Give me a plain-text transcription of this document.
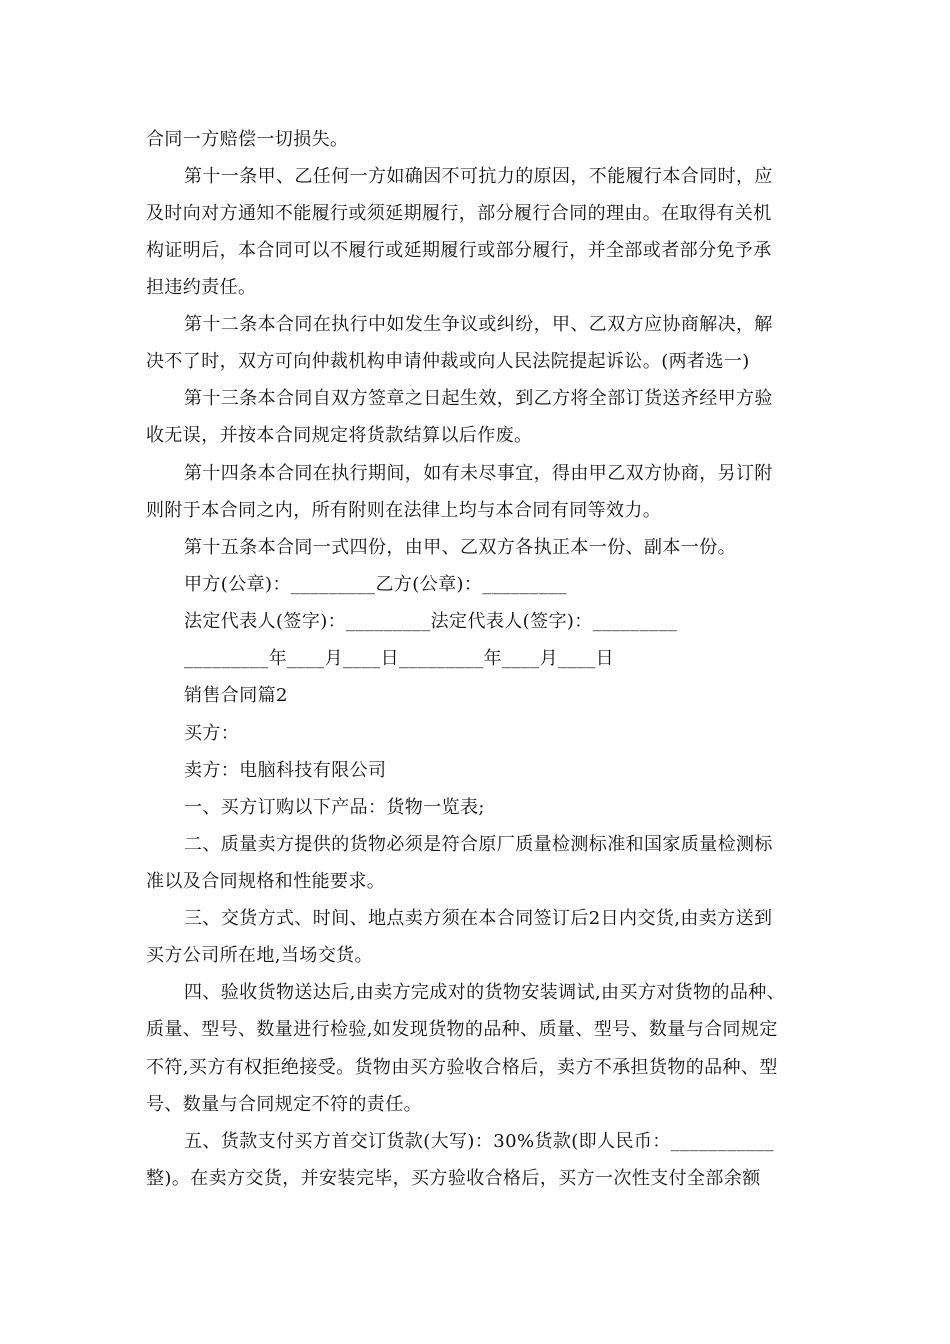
合同一方赔偿一切损失。
第十一条甲、乙任何一方如确因不可抗力的原因，不能履行本合同时，应
及时向对方通知不能履行或须延期履行，部分履行合同的理由。在取得有关机
构证明后，本合同可以不履行或延期履行或部分履行，并全部或者部分免予承
担违约责任。
第十二条本合同在执行中如发生争议或纠纷，甲、乙双方应协商解决，解
决不了时，双方可向仲裁机构申请仲裁或向人民法院提起诉讼。(两者选一)
第十三条本合同自双方签章之日起生效，到乙方将全部订货送齐经甲方验
收无误，并按本合同规定将货款结算以后作废。
第十四条本合同在执行期间，如有未尽事宜，得由甲乙双方协商，另订附
则附于本合同之内，所有附则在法律上均与本合同有同等效力。
第十五条本合同一式四份，由甲、乙双方各执正本一份、副本一份。
甲方(公章)：_________乙方(公章)：_________
法定代表人(签字)：_________法定代表人(签字)：_________
_________年____月____日_________年____月____日
销售合同篇2
买方：
卖方：电脑科技有限公司
一、买方订购以下产品：货物一览表;
二、质量卖方提供的货物必须是符合原厂质量检测标准和国家质量检测标
准以及合同规格和性能要求。
三、交货方式、时间、地点卖方须在本合同签订后2日内交货,由卖方送到
买方公司所在地,当场交货。
四、验收货物送达后,由卖方完成对的货物安装调试,由买方对货物的品种、
质量、型号、数量进行检验,如发现货物的品种、质量、型号、数量与合同规定
不符,买方有权拒绝接受。货物由买方验收合格后，卖方不承担货物的品种、型
号、数量与合同规定不符的责任。
五、货款支付买方首交订货款(大写)：30%货款(即人民币：___________
整)。在卖方交货，并安装完毕，买方验收合格后，买方一次性支付全部余额
